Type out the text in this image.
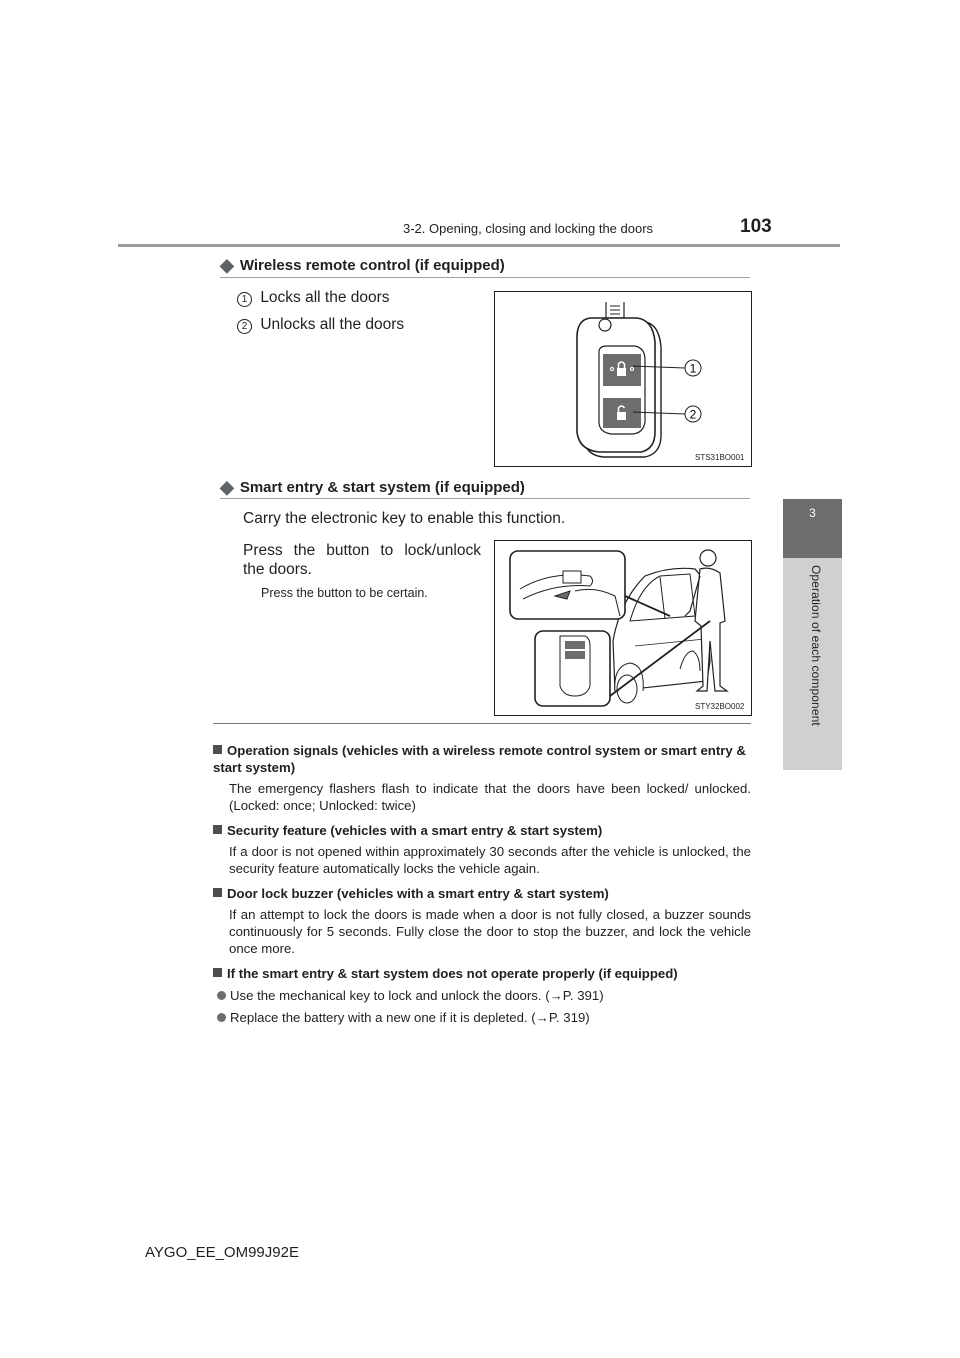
3-2. Opening, closing and locking the doors	103
3
Operation of each component
◆ Wireless remote control (if equipped)
1 Locks all the doors
2 Unlocks all the doors
1
2
STS31BO001
◆ Smart entry & start system (if equipped)
Carry the electronic key to enable this function.
Press the button to lock/unlock
the doors.
Press the button to be certain.
STY32BO002
Operation signals (vehicles with a wireless remote control system or smart entry & start system)
The emergency flashers flash to indicate that the doors have been locked/ unlocked. (Locked: once; Unlocked: twice)
Security feature (vehicles with a smart entry & start system)
If a door is not opened within approximately 30 seconds after the vehicle is unlocked, the security feature automatically locks the vehicle again.
Door lock buzzer (vehicles with a smart entry & start system)
If an attempt to lock the doors is made when a door is not fully closed, a buzzer sounds continuously for 5 seconds. Fully close the door to stop the buzzer, and lock the vehicle once more.
If the smart entry & start system does not operate properly (if equipped)
Use the mechanical key to lock and unlock the doors. (→P. 391)
Replace the battery with a new one if it is depleted. (→P. 319)
AYGO_EE_OM99J92E
